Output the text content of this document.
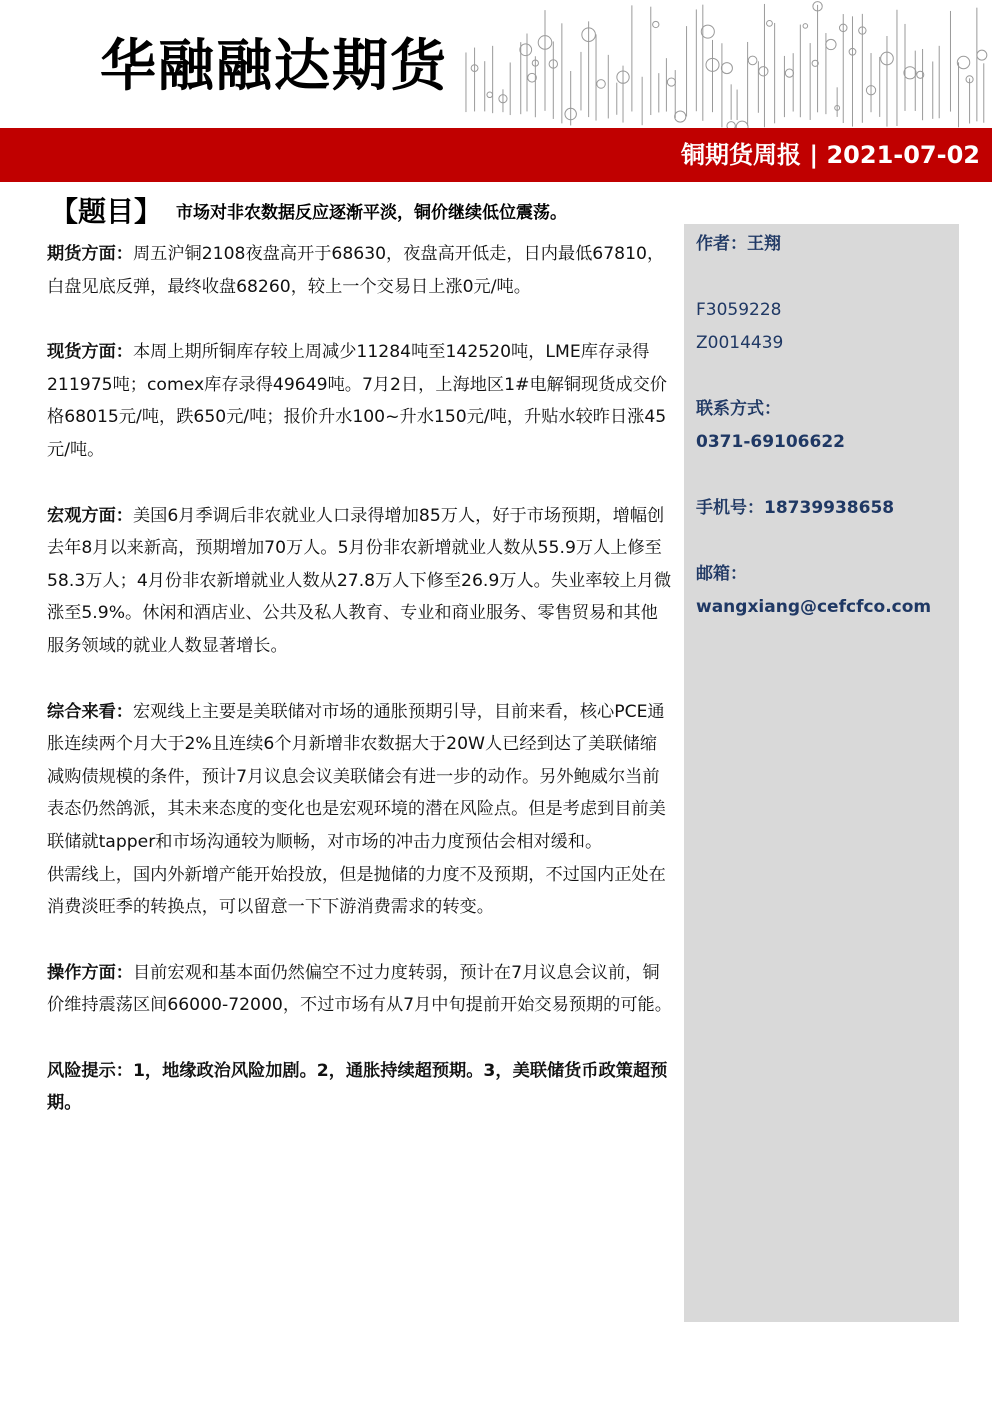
华融融达期货
铜期货周报 | 2021-07-02
【题目】 市场对非农数据反应逐渐平淡，铜价继续低位震荡。

期货方面：周五沪铜2108夜盘高开于68630，夜盘高开低走，日内最低67810，白盘见底反弹，最终收盘68260，较上一个交易日上涨0元/吨。

现货方面：本周上期所铜库存较上周减少11284吨至142520吨，LME库存录得211975吨；comex库存录得49649吨。7月2日，上海地区1#电解铜现货成交价格68015元/吨，跌650元/吨；报价升水100~升水150元/吨，升贴水较昨日涨45元/吨。

宏观方面：美国6月季调后非农就业人口录得增加85万人，好于市场预期，增幅创去年8月以来新高，预期增加70万人。5月份非农新增就业人数从55.9万人上修至58.3万人；4月份非农新增就业人数从27.8万人下修至26.9万人。失业率较上月微涨至5.9%。休闲和酒店业、公共及私人教育、专业和商业服务、零售贸易和其他服务领域的就业人数显著增长。

综合来看：宏观线上主要是美联储对市场的通胀预期引导，目前来看，核心PCE通胀连续两个月大于2%且连续6个月新增非农数据大于20W人已经到达了美联储缩减购债规模的条件，预计7月议息会议美联储会有进一步的动作。另外鲍威尔当前表态仍然鸽派，其未来态度的变化也是宏观环境的潜在风险点。但是考虑到目前美联储就tapper和市场沟通较为顺畅，对市场的冲击力度预估会相对缓和。

供需线上，国内外新增产能开始投放，但是抛储的力度不及预期，不过国内正处在消费淡旺季的转换点，可以留意一下下游消费需求的转变。

操作方面：目前宏观和基本面仍然偏空不过力度转弱，预计在7月议息会议前，铜价维持震荡区间66000-72000，不过市场有从7月中旬提前开始交易预期的可能。

风险提示：1，地缘政治风险加剧。2，通胀持续超预期。3，美联储货币政策超预期。

作者：王翔

F3059228

Z0014439

联系方式：

0371-69106622

手机号：18739938658

邮箱：

wangxiang@cefcfco.com
